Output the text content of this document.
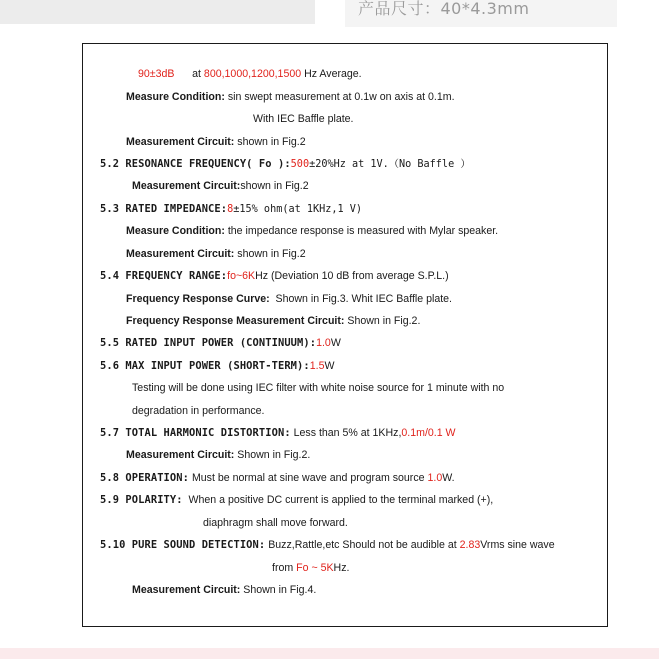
产品尺寸：40*4.3mm
90±3dB at 800,1000,1200,1500 Hz Average.
Measure Condition: sin swept measurement at 0.1w on axis at 0.1m.
With IEC Baffle plate.
Measurement Circuit: shown in Fig.2
5.2 RESONANCE FREQUENCY( Fo ):500±20%Hz at 1V.（No Baffle ）
Measurement Circuit:shown in Fig.2
5.3 RATED IMPEDANCE:8±15% ohm(at 1KHz,1 V)
Measure Condition: the impedance response is measured with Mylar speaker.
Measurement Circuit: shown in Fig.2
5.4 FREQUENCY RANGE:fo~6KHz (Deviation 10 dB from average S.P.L.)
Frequency Response Curve: Shown in Fig.3. Whit IEC Baffle plate.
Frequency Response Measurement Circuit: Shown in Fig.2.
5.5 RATED INPUT POWER (CONTINUUM):1.0W
5.6 MAX INPUT POWER (SHORT-TERM):1.5W
Testing will be done using IEC filter with white noise source for 1 minute with no
degradation in performance.
5.7 TOTAL HARMONIC DISTORTION: Less than 5% at 1KHz,0.1m/0.1 W
Measurement Circuit: Shown in Fig.2.
5.8 OPERATION: Must be normal at sine wave and program source 1.0W.
5.9 POLARITY: When a positive DC current is applied to the terminal marked (+),
diaphragm shall move forward.
5.10 PURE SOUND DETECTION: Buzz,Rattle,etc Should not be audible at 2.83Vrms sine wave
from Fo ~ 5KHz.
Measurement Circuit: Shown in Fig.4.
